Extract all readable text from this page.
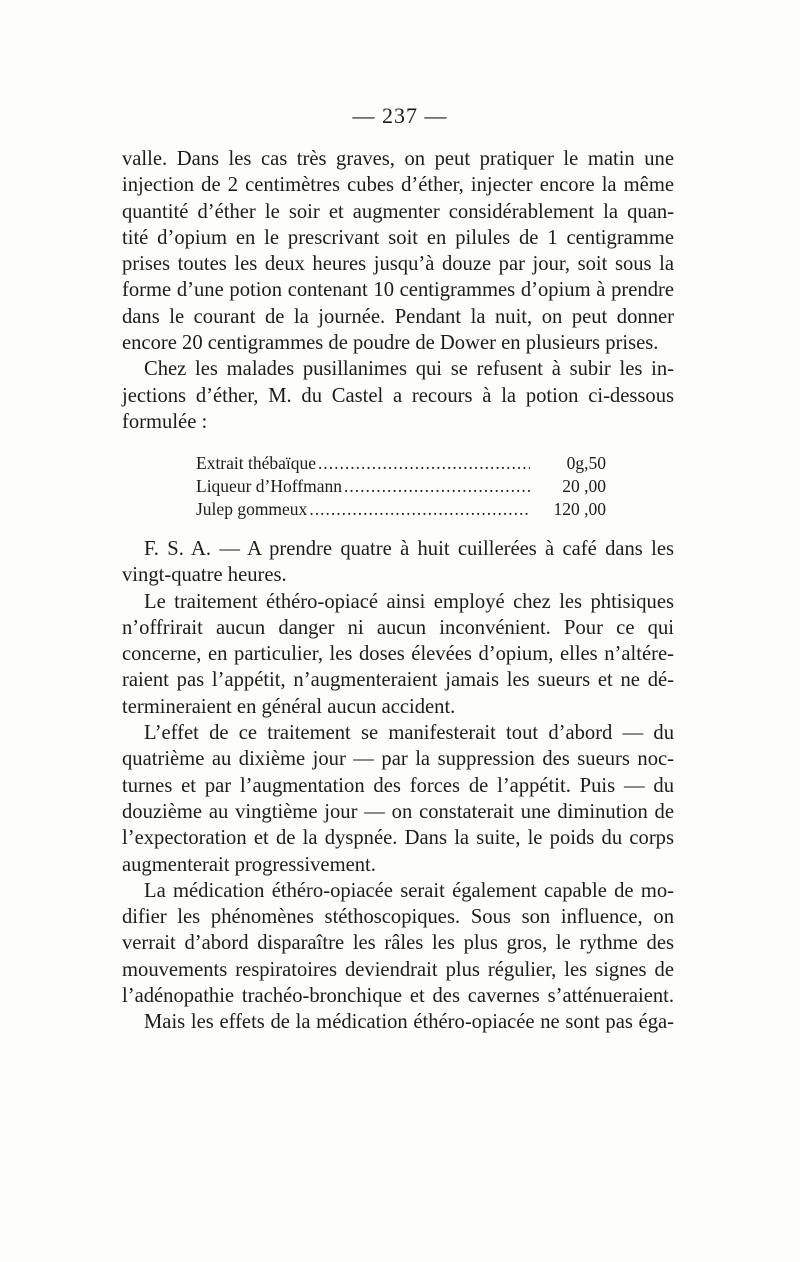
— 237 —
valle. Dans les cas très graves, on peut pratiquer le matin une
injection de 2 centimètres cubes d’éther, injecter encore la même
quantité d’éther le soir et augmenter considérablement la quan-
tité d’opium en le prescrivant soit en pilules de 1 centigramme
prises toutes les deux heures jusqu’à douze par jour, soit sous la
forme d’une potion contenant 10 centigrammes d’opium à prendre
dans le courant de la journée. Pendant la nuit, on peut donner
encore 20 centigrammes de poudre de Dower en plusieurs prises.
Chez les malades pusillanimes qui se refusent à subir les in-
jections d’éther, M. du Castel a recours à la potion ci-dessous
formulée :
Extrait thébaïque .....	0g,50
Liqueur d’Hoffmann .....	20 ,00
Julep gommeux .....	120 ,00
F. S. A. — A prendre quatre à huit cuillerées à café dans les
vingt-quatre heures.
Le traitement éthéro-opiacé ainsi employé chez les phtisiques
n’offrirait aucun danger ni aucun inconvénient. Pour ce qui
concerne, en particulier, les doses élevées d’opium, elles n’altére-
raient pas l’appétit, n’augmenteraient jamais les sueurs et ne dé-
termineraient en général aucun accident.
L’effet de ce traitement se manifesterait tout d’abord — du
quatrième au dixième jour — par la suppression des sueurs noc-
turnes et par l’augmentation des forces de l’appétit. Puis — du
douzième au vingtième jour — on constaterait une diminution de
l’expectoration et de la dyspnée. Dans la suite, le poids du corps
augmenterait progressivement.
La médication éthéro-opiacée serait également capable de mo-
difier les phénomènes stéthoscopiques. Sous son influence, on
verrait d’abord disparaître les râles les plus gros, le rythme des
mouvements respiratoires deviendrait plus régulier, les signes de
l’adénopathie trachéo-bronchique et des cavernes s’atténueraient.
Mais les effets de la médication éthéro-opiacée ne sont pas éga-
